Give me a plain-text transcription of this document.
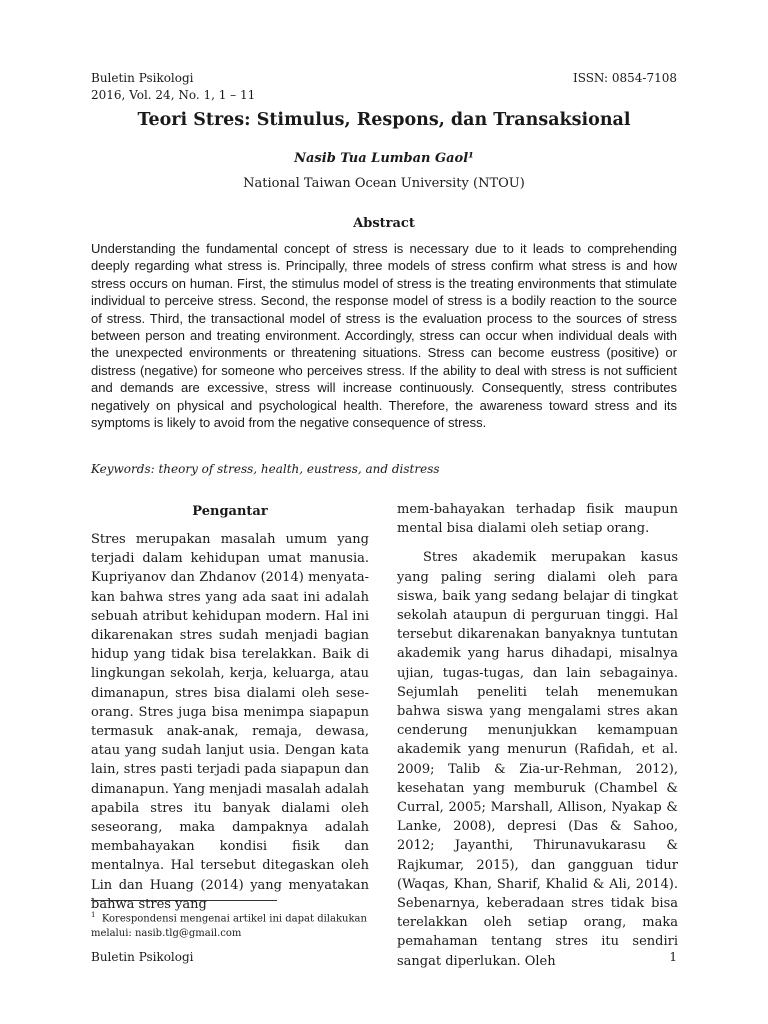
Buletin Psikologi
2016, Vol. 24, No. 1, 1 – 11
ISSN: 0854-7108
Teori Stres: Stimulus, Respons, dan Transaksional
Nasib Tua Lumban Gaol¹
National Taiwan Ocean University (NTOU)
Abstract

Understanding the fundamental concept of stress is necessary due to it leads to comprehending deeply regarding what stress is. Principally, three models of stress confirm what stress is and how stress occurs on human. First, the stimulus model of stress is the treating environments that stimulate individual to perceive stress. Second, the response model of stress is a bodily reaction to the source of stress. Third, the transactional model of stress is the evaluation process to the sources of stress between person and treating environment. Accordingly, stress can occur when individual deals with the unexpected environments or threatening situations. Stress can become eustress (positive) or distress (negative) for someone who perceives stress. If the ability to deal with stress is not sufficient and demands are excessive, stress will increase continuously. Consequently, stress contributes negatively on physical and psychological health. Therefore, the awareness toward stress and its symptoms is likely to avoid from the negative consequence of stress.

Keywords: theory of stress, health, eustress, and distress

Pengantar

Stres merupakan masalah umum yang terjadi dalam kehidupan umat manusia. Kupriyanov dan Zhdanov (2014) menyatakan bahwa stres yang ada saat ini adalah sebuah atribut kehidupan modern. Hal ini dikarenakan stres sudah menjadi bagian hidup yang tidak bisa terelakkan. Baik di lingkungan sekolah, kerja, keluarga, atau dimanapun, stres bisa dialami oleh seseorang. Stres juga bisa menimpa siapapun termasuk anak-anak, remaja, dewasa, atau yang sudah lanjut usia. Dengan kata lain, stres pasti terjadi pada siapapun dan dimanapun. Yang menjadi masalah adalah apabila stres itu banyak dialami oleh seseorang, maka dampaknya adalah membahayakan kondisi fisik dan mentalnya. Hal tersebut ditegaskan oleh Lin dan Huang (2014) yang menyatakan bahwa stres yang

mem-bahayakan terhadap fisik maupun mental bisa dialami oleh setiap orang.

Stres akademik merupakan kasus yang paling sering dialami oleh para siswa, baik yang sedang belajar di tingkat sekolah ataupun di perguruan tinggi. Hal tersebut dikarenakan banyaknya tuntutan akademik yang harus dihadapi, misalnya ujian, tugas-tugas, dan lain sebagainya. Sejumlah peneliti telah menemukan bahwa siswa yang mengalami stres akan cenderung menunjukkan kemampuan akademik yang menurun (Rafidah, et al. 2009; Talib & Zia-ur-Rehman, 2012), kesehatan yang memburuk (Chambel & Curral, 2005; Marshall, Allison, Nyakap & Lanke, 2008), depresi (Das & Sahoo, 2012; Jayanthi, Thirunavukarasu & Rajkumar, 2015), dan gangguan tidur (Waqas, Khan, Sharif, Khalid & Ali, 2014). Sebenarnya, keberadaan stres tidak bisa terelakkan oleh setiap orang, maka pemahaman tentang stres itu sendiri sangat diperlukan. Oleh

$^1$ Korespondensi mengenai artikel ini dapat dilakukan melalui: nasib.tlg@gmail.com

Buletin Psikologi	1
